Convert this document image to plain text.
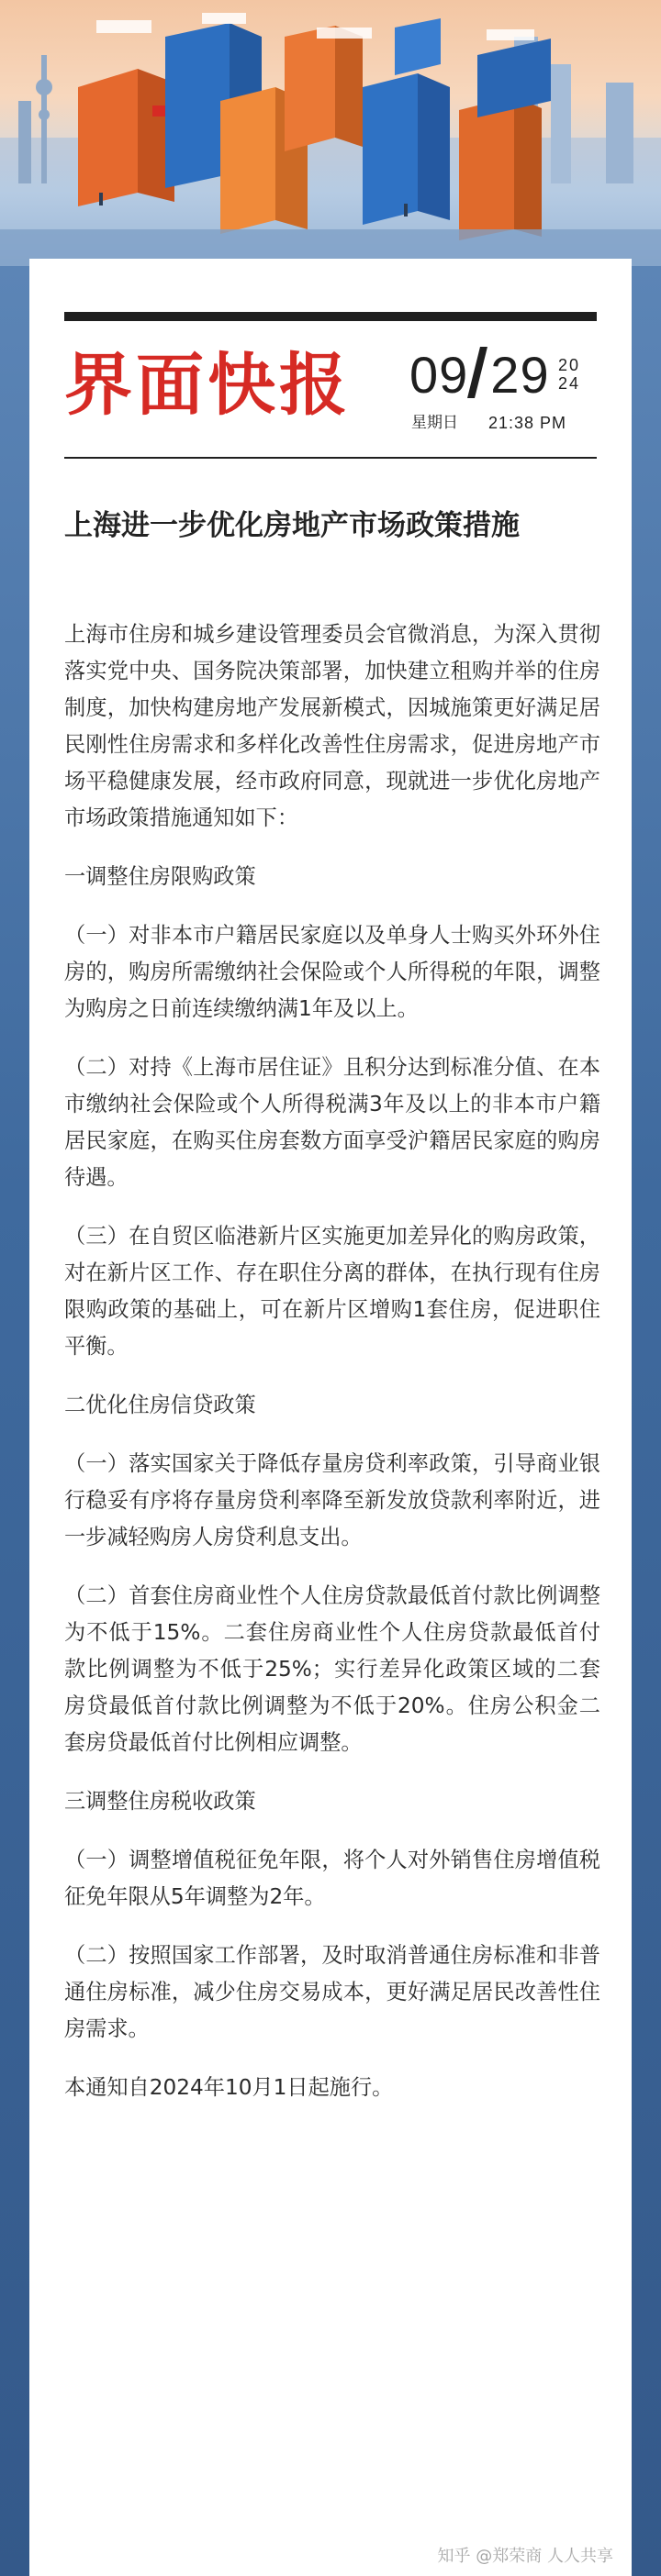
界面快报 09 29 20
24
星期日 21:38 PM
上海进一步优化房地产市场政策措施

上海市住房和城乡建设管理委员会官微消息，为深入贯彻落实党中央、国务院决策部署，加快建立租购并举的住房制度，加快构建房地产发展新模式，因城施策更好满足居民刚性住房需求和多样化改善性住房需求，促进房地产市场平稳健康发展，经市政府同意，现就进一步优化房地产市场政策措施通知如下：

一调整住房限购政策

（一）对非本市户籍居民家庭以及单身人士购买外环外住房的，购房所需缴纳社会保险或个人所得税的年限，调整为购房之日前连续缴纳满1年及以上。

（二）对持《上海市居住证》且积分达到标准分值、在本市缴纳社会保险或个人所得税满3年及以上的非本市户籍居民家庭，在购买住房套数方面享受沪籍居民家庭的购房待遇。

（三）在自贸区临港新片区实施更加差异化的购房政策，对在新片区工作、存在职住分离的群体，在执行现有住房限购政策的基础上，可在新片区增购1套住房，促进职住平衡。

二优化住房信贷政策

（一）落实国家关于降低存量房贷利率政策，引导商业银行稳妥有序将存量房贷利率降至新发放贷款利率附近，进一步减轻购房人房贷利息支出。

（二）首套住房商业性个人住房贷款最低首付款比例调整为不低于15%。二套住房商业性个人住房贷款最低首付款比例调整为不低于25%；实行差异化政策区域的二套房贷最低首付款比例调整为不低于20%。住房公积金二套房贷最低首付比例相应调整。

三调整住房税收政策

（一）调整增值税征免年限，将个人对外销售住房增值税征免年限从5年调整为2年。

（二）按照国家工作部署，及时取消普通住房标准和非普通住房标准，减少住房交易成本，更好满足居民改善性住房需求。

本通知自2024年10月1日起施行。

知乎 @郑荣商 人人共享
